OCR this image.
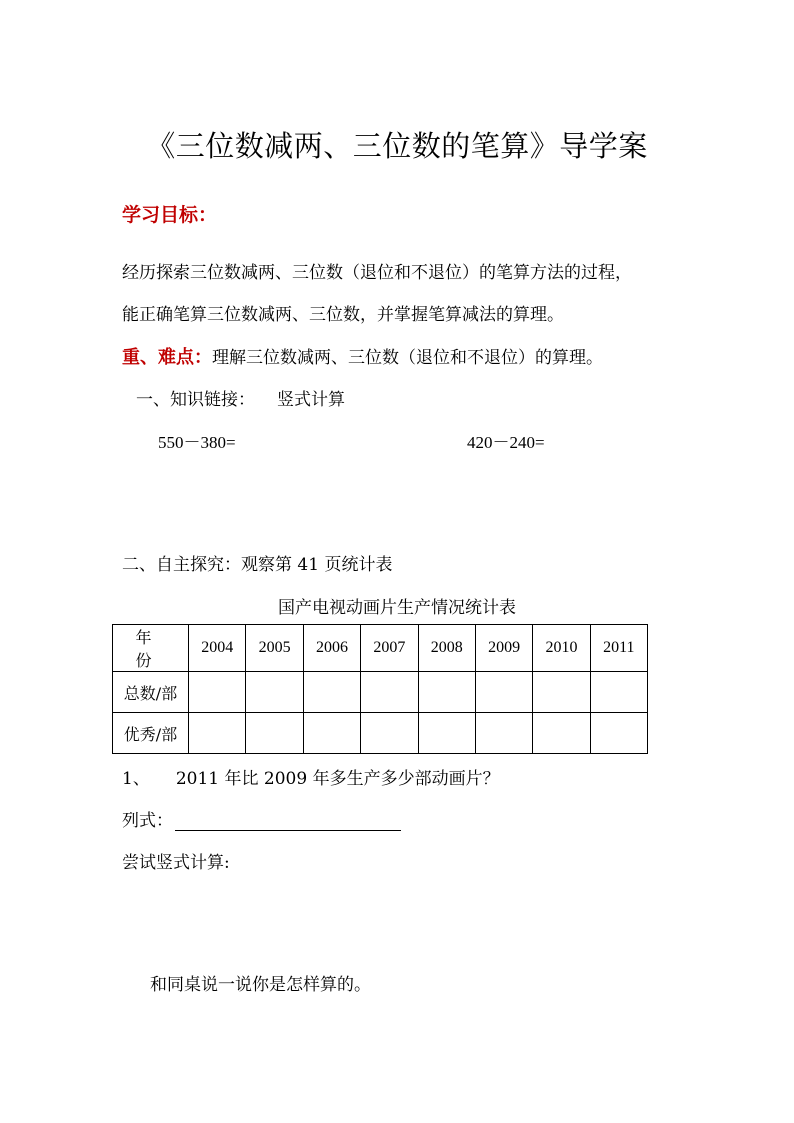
《三位数减两、三位数的笔算》导学案
学习目标：
经历探索三位数减两、三位数（退位和不退位）的笔算方法的过程，
能正确笔算三位数减两、三位数，并掌握笔算减法的算理。
重、难点：理解三位数减两、三位数（退位和不退位）的算理。
一、知识链接： 竖式计算
550－380=	420－240=
二、自主探究：观察第 41 页统计表
国产电视动画片生产情况统计表
年 份	2004	2005	2006	2007	2008	2009	2010	2011
总数/部								
优秀/部								
1、 2011 年比 2009 年多生产多少部动画片？
列式：
尝试竖式计算:
和同桌说一说你是怎样算的。
